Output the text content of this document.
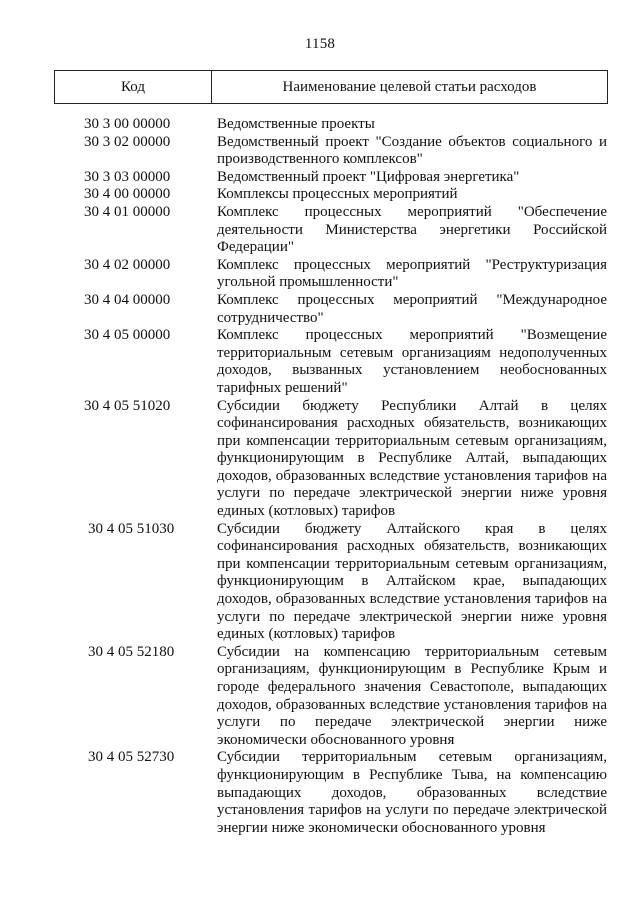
1158
Код	Наименование целевой статьи расходов
30 3 00 00000	Ведомственные проекты
30 3 02 00000	Ведомственный проект "Создание объектов социального и производственного комплексов"
30 3 03 00000	Ведомственный проект "Цифровая энергетика"
30 4 00 00000	Комплексы процессных мероприятий
30 4 01 00000	Комплекс процессных мероприятий "Обеспечение деятельности Министерства энергетики Российской Федерации"
30 4 02 00000	Комплекс процессных мероприятий "Реструктуризация угольной промышленности"
30 4 04 00000	Комплекс процессных мероприятий "Международное сотрудничество"
30 4 05 00000	Комплекс процессных мероприятий "Возмещение территориальным сетевым организациям недополученных доходов, вызванных установлением необоснованных тарифных решений"
30 4 05 51020	Субсидии бюджету Республики Алтай в целях софинансирования расходных обязательств, возникающих при компенсации территориальным сетевым организациям, функционирующим в Республике Алтай, выпадающих доходов, образованных вследствие установления тарифов на услуги по передаче электрической энергии ниже уровня единых (котловых) тарифов
30 4 05 51030	Субсидии бюджету Алтайского края в целях софинансирования расходных обязательств, возникающих при компенсации территориальным сетевым организациям, функционирующим в Алтайском крае, выпадающих доходов, образованных вследствие установления тарифов на услуги по передаче электрической энергии ниже уровня единых (котловых) тарифов
30 4 05 52180	Субсидии на компенсацию территориальным сетевым организациям, функционирующим в Республике Крым и городе федерального значения Севастополе, выпадающих доходов, образованных вследствие установления тарифов на услуги по передаче электрической энергии ниже экономически обоснованного уровня
30 4 05 52730	Субсидии территориальным сетевым организациям, функционирующим в Республике Тыва, на компенсацию выпадающих доходов, образованных вследствие установления тарифов на услуги по передаче электрической энергии ниже экономически обоснованного уровня
